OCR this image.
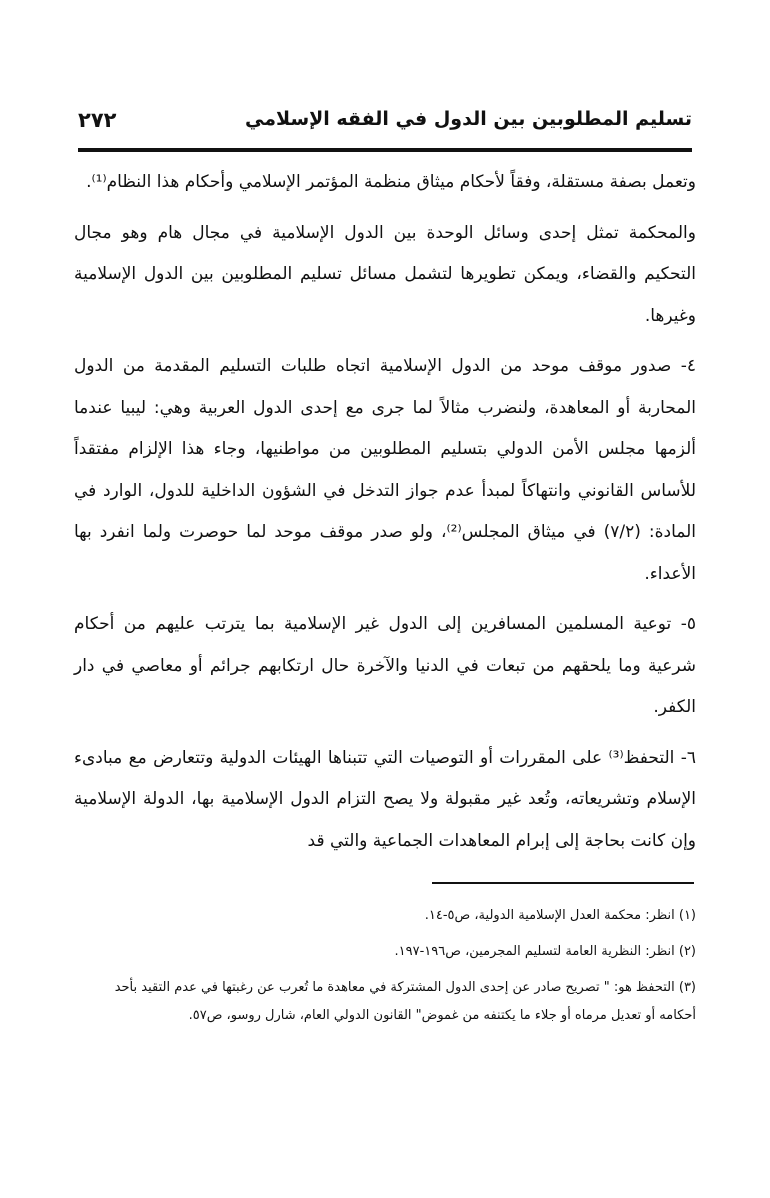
تسليم المطلوبين بين الدول في الفقه الإسلامي
٢٧٢

وتعمل بصفة مستقلة، وفقاً لأحكام ميثاق منظمة المؤتمر الإسلامي وأحكام هذا النظام⁽¹⁾.

والمحكمة تمثل إحدى وسائل الوحدة بين الدول الإسلامية في مجال هام وهو مجال التحكيم والقضاء، ويمكن تطويرها لتشمل مسائل تسليم المطلوبين بين الدول الإسلامية وغيرها.

٤- صدور موقف موحد من الدول الإسلامية اتجاه طلبات التسليم المقدمة من الدول المحاربة أو المعاهدة، ولنضرب مثالاً لما جرى مع إحدى الدول العربية وهي: ليبيا عندما ألزمها مجلس الأمن الدولي بتسليم المطلوبين من مواطنيها، وجاء هذا الإلزام مفتقداً للأساس القانوني وانتهاكاً لمبدأ عدم جواز التدخل في الشؤون الداخلية للدول، الوارد في المادة: (٧/٢) في ميثاق المجلس⁽²⁾، ولو صدر موقف موحد لما حوصرت ولما انفرد بها الأعداء.

٥- توعية المسلمين المسافرين إلى الدول غير الإسلامية بما يترتب عليهم من أحكام شرعية وما يلحقهم من تبعات في الدنيا والآخرة حال ارتكابهم جرائم أو معاصي في دار الكفر.

٦- التحفظ⁽³⁾ على المقررات أو التوصيات التي تتبناها الهيئات الدولية وتتعارض مع مبادىء الإسلام وتشريعاته، وتُعد غير مقبولة ولا يصح التزام الدول الإسلامية بها، الدولة الإسلامية وإن كانت بحاجة إلى إبرام المعاهدات الجماعية والتي قد

(١) انظر: محكمة العدل الإسلامية الدولية، ص٥-١٤.

(٢) انظر: النظرية العامة لتسليم المجرمين، ص١٩٦-١٩٧.

(٣) التحفظ هو: " تصريح صادر عن إحدى الدول المشتركة في معاهدة ما تُعرب عن رغبتها في عدم التقيد بأحد أحكامه أو تعديل مرماه أو جلاء ما يكتنفه من غموض" القانون الدولي العام، شارل روسو، ص٥٧.
